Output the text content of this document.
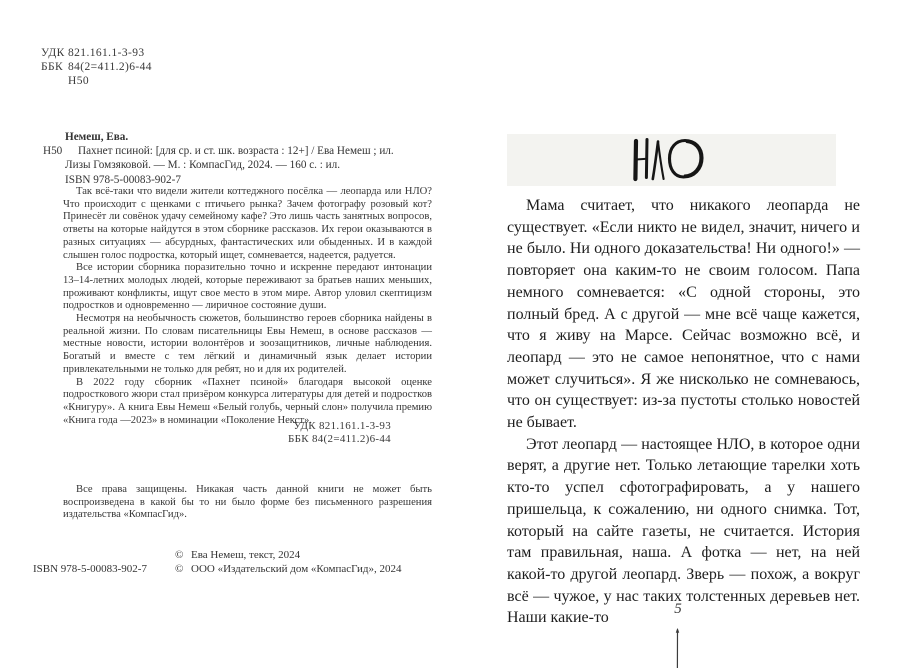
УДК 821.161.1-3-93
ББК 84(2=411.2)6-44
Н50
Немеш, Ева.
Н50	Пахнет псиной: [для ср. и ст. шк. возраста : 12+] / Ева Немеш ; ил. Лизы Гомзяковой. — М. : КомпасГид, 2024. — 160 с. : ил.
ISBN 978-5-00083-902-7

Так всё-таки что видели жители коттеджного посёлка — леопарда или НЛО? Что происходит с щенками с птичьего рынка? Зачем фотографу розовый кот? Принесёт ли совёнок удачу семейному кафе? Это лишь часть занятных вопросов, ответы на которые найдутся в этом сборнике рассказов. Их герои оказываются в разных ситуациях — абсурдных, фантастических или обыденных. И в каждой слышен голос подростка, который ищет, сомневается, надеется, радуется.

Все истории сборника поразительно точно и искренне передают интонации 13–14-летних молодых людей, которые переживают за братьев наших меньших, проживают конфликты, ищут свое место в этом мире. Автор уловил скептицизм подростков и одновременно — лиричное состояние души.

Несмотря на необычность сюжетов, большинство героев сборника найдены в реальной жизни. По словам писательницы Евы Немеш, в основе рассказов — местные новости, истории волонтёров и зоозащитников, личные наблюдения. Богатый и вместе с тем лёгкий и динамичный язык делает истории привлекательными не только для ребят, но и для их родителей.

В 2022 году сборник «Пахнет псиной» благодаря высокой оценке подросткового жюри стал призёром конкурса литературы для детей и подростков «Книгуру». А книга Евы Немеш «Белый голубь, черный слон» получила премию «Книга года —2023» в номинации «Поколение Некст».

УДК 821.161.1-3-93
ББК 84(2=411.2)6-44

Все права защищены. Никакая часть данной книги не может быть воспроизведена в какой бы то ни было форме без письменного разрешения издательства «КомпасГид».

© Ева Немеш, текст, 2024
ISBN 978-5-00083-902-7	© ООО «Издательский дом «КомпасГид», 2024

Мама считает, что никакого леопарда не существует. «Если никто не видел, значит, ничего и не было. Ни одного доказательства! Ни одного!» — повторяет она каким-то не своим голосом. Папа немного сомневается: «С одной стороны, это полный бред. А с другой — мне всё чаще кажется, что я живу на Марсе. Сейчас возможно всё, и леопард — это не самое непонятное, что с нами может случиться». Я же нисколько не сомневаюсь, что он существует: из-за пустоты столько новостей не бывает.

Этот леопард — настоящее НЛО, в которое одни верят, а другие нет. Только летающие тарелки хоть кто-то успел сфотографировать, а у нашего пришельца, к сожалению, ни одного снимка. Тот, который на сайте газеты, не считается. История там правильная, наша. А фотка — нет, на ней какой-то другой леопард. Зверь — похож, а вокруг всё — чужое, у нас таких толстенных деревьев нет. Наши какие-то

5
